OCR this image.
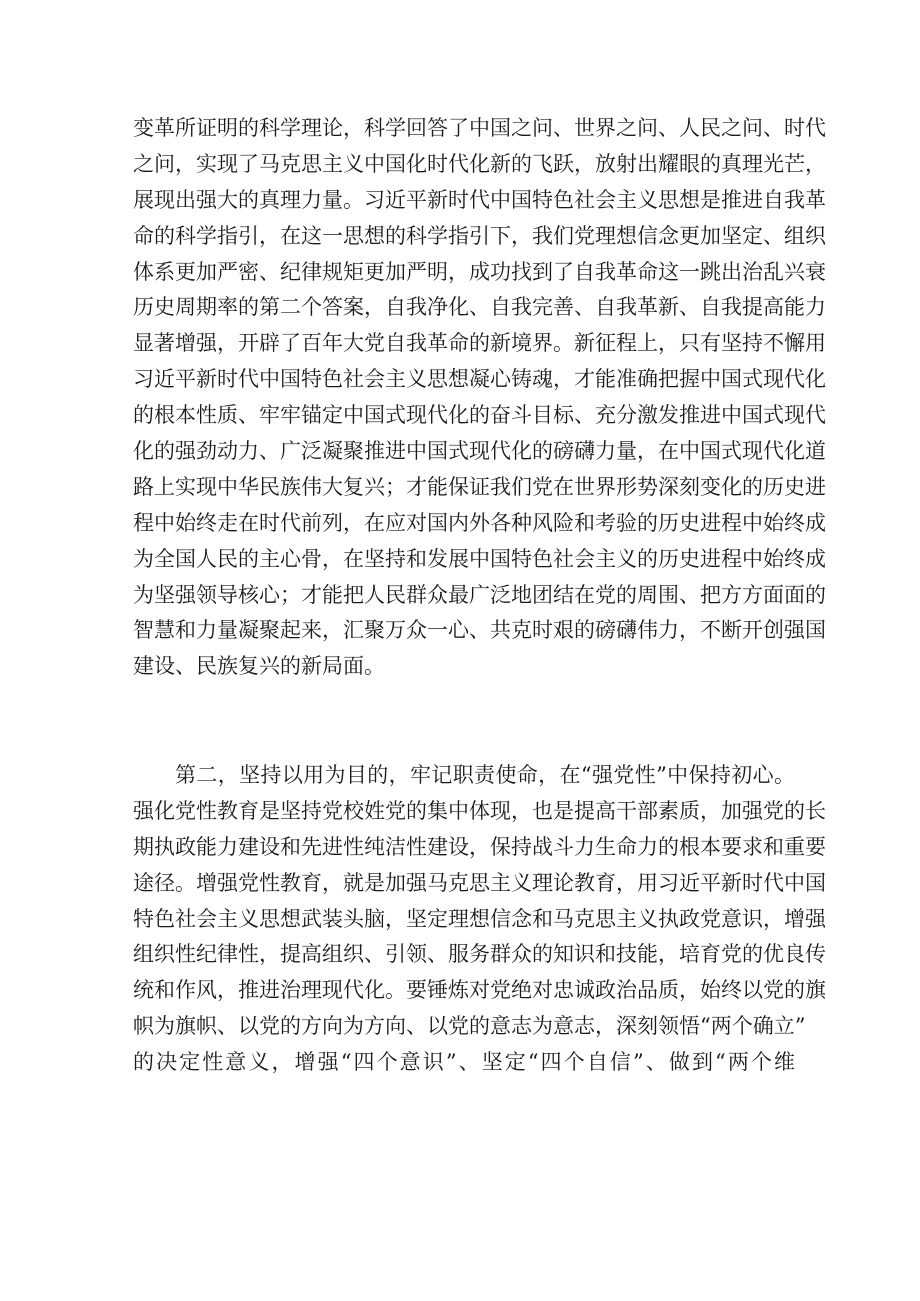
变革所证明的科学理论，科学回答了中国之问、世界之问、人民之问、时代
之问，实现了马克思主义中国化时代化新的飞跃，放射出耀眼的真理光芒，
展现出强大的真理力量。习近平新时代中国特色社会主义思想是推进自我革
命的科学指引，在这一思想的科学指引下，我们党理想信念更加坚定、组织
体系更加严密、纪律规矩更加严明，成功找到了自我革命这一跳出治乱兴衰
历史周期率的第二个答案，自我净化、自我完善、自我革新、自我提高能力
显著增强，开辟了百年大党自我革命的新境界。新征程上，只有坚持不懈用
习近平新时代中国特色社会主义思想凝心铸魂，才能准确把握中国式现代化
的根本性质、牢牢锚定中国式现代化的奋斗目标、充分激发推进中国式现代
化的强劲动力、广泛凝聚推进中国式现代化的磅礴力量，在中国式现代化道
路上实现中华民族伟大复兴；才能保证我们党在世界形势深刻变化的历史进
程中始终走在时代前列，在应对国内外各种风险和考验的历史进程中始终成
为全国人民的主心骨，在坚持和发展中国特色社会主义的历史进程中始终成
为坚强领导核心；才能把人民群众最广泛地团结在党的周围、把方方面面的
智慧和力量凝聚起来，汇聚万众一心、共克时艰的磅礴伟力，不断开创强国
建设、民族复兴的新局面。
第二，坚持以用为目的，牢记职责使命，在“强党性”中保持初心。
强化党性教育是坚持党校姓党的集中体现，也是提高干部素质，加强党的长
期执政能力建设和先进性纯洁性建设，保持战斗力生命力的根本要求和重要
途径。增强党性教育，就是加强马克思主义理论教育，用习近平新时代中国
特色社会主义思想武装头脑，坚定理想信念和马克思主义执政党意识，增强
组织性纪律性，提高组织、引领、服务群众的知识和技能，培育党的优良传
统和作风，推进治理现代化。要锤炼对党绝对忠诚政治品质，始终以党的旗
帜为旗帜、以党的方向为方向、以党的意志为意志，深刻领悟“两个确立”
的决定性意义，增强“四个意识”、坚定“四个自信”、做到“两个维
